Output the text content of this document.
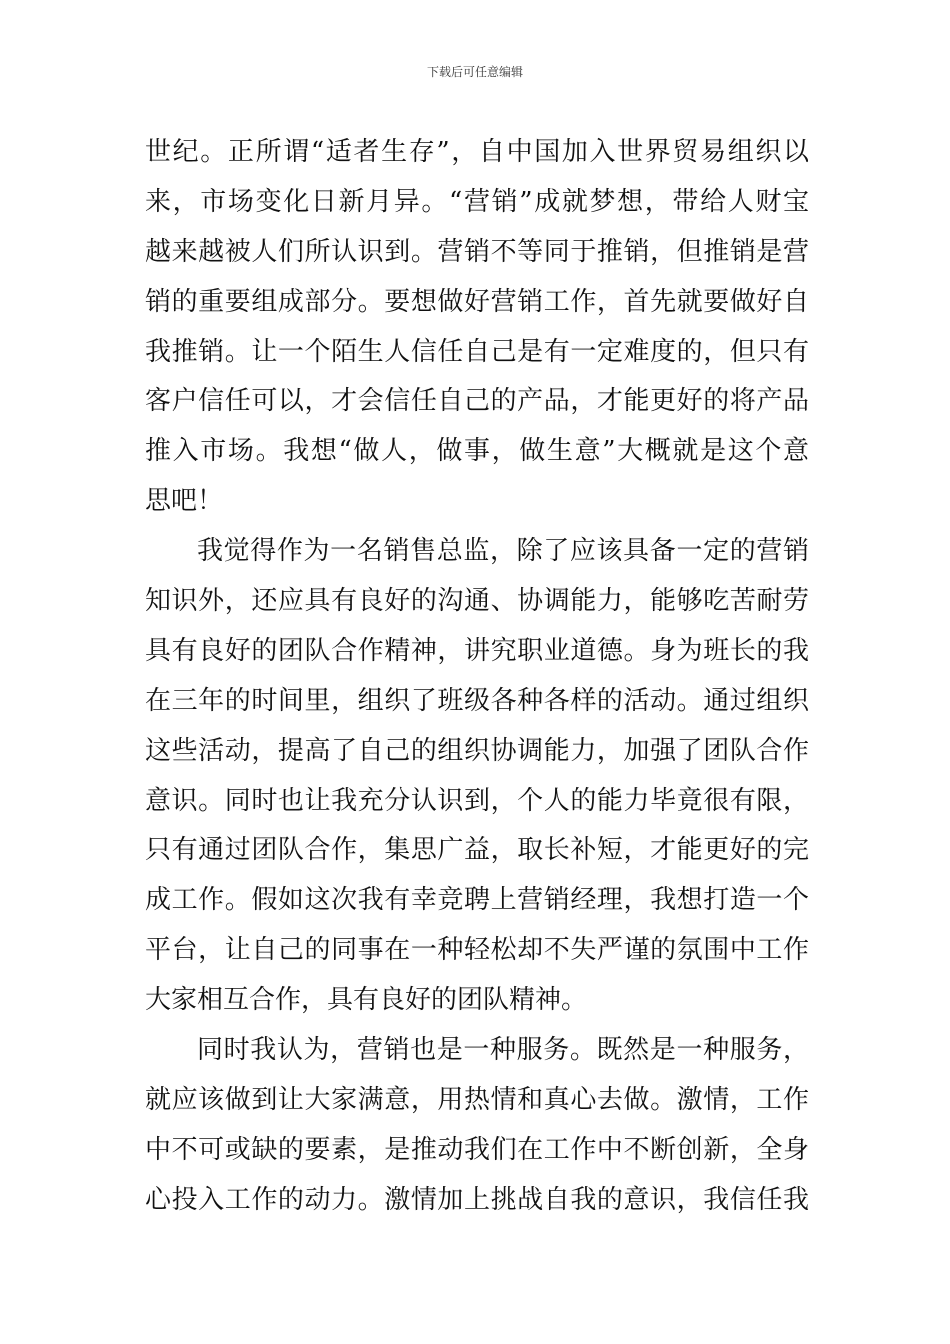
下载后可任意编辑
世纪。正所谓“适者生存”，自中国加入世界贸易组织以
来，市场变化日新月异。“营销”成就梦想，带给人财宝
越来越被人们所认识到。营销不等同于推销，但推销是营
销的重要组成部分。要想做好营销工作，首先就要做好自
我推销。让一个陌生人信任自己是有一定难度的，但只有
客户信任可以，才会信任自己的产品，才能更好的将产品
推入市场。我想“做人，做事，做生意”大概就是这个意
思吧！
我觉得作为一名销售总监，除了应该具备一定的营销
知识外，还应具有良好的沟通、协调能力，能够吃苦耐劳
具有良好的团队合作精神，讲究职业道德。身为班长的我
在三年的时间里，组织了班级各种各样的活动。通过组织
这些活动，提高了自己的组织协调能力，加强了团队合作
意识。同时也让我充分认识到，个人的能力毕竟很有限，
只有通过团队合作，集思广益，取长补短，才能更好的完
成工作。假如这次我有幸竞聘上营销经理，我想打造一个
平台，让自己的同事在一种轻松却不失严谨的氛围中工作
大家相互合作，具有良好的团队精神。
同时我认为，营销也是一种服务。既然是一种服务，
就应该做到让大家满意，用热情和真心去做。激情，工作
中不可或缺的要素，是推动我们在工作中不断创新，全身
心投入工作的动力。激情加上挑战自我的意识，我信任我
